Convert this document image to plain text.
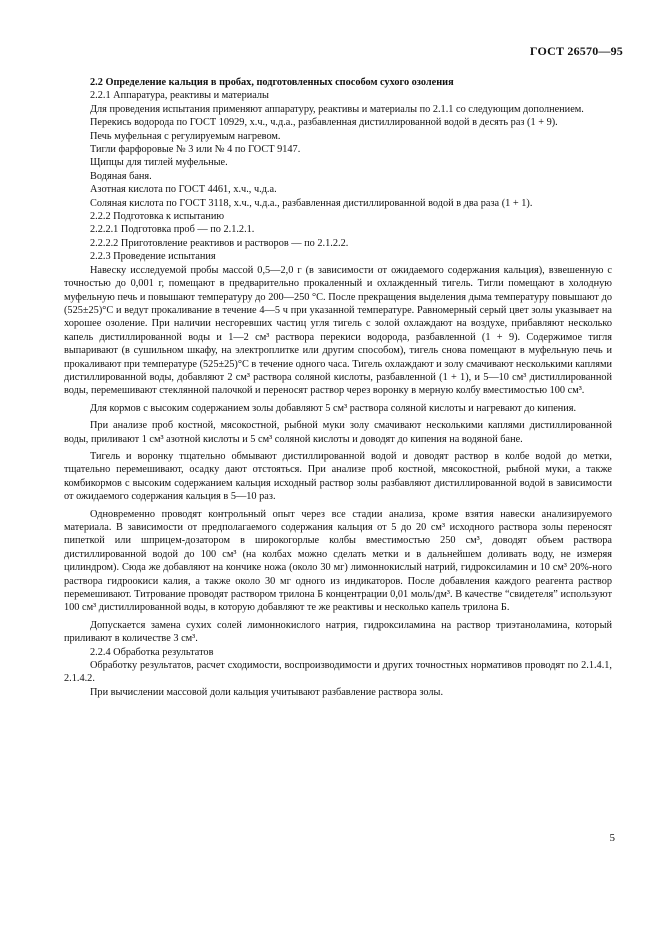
ГОСТ 26570—95

2.2 Определение кальция в пробах, подготовленных способом сухого озоления

2.2.1 Аппаратура, реактивы и материалы

Для проведения испытания применяют аппаратуру, реактивы и материалы по 2.1.1 со следующим дополнением.

Перекись водорода по ГОСТ 10929, х.ч., ч.д.а., разбавленная дистиллированной водой в десять раз (1 + 9).

Печь муфельная с регулируемым нагревом.

Тигли фарфоровые № 3 или № 4 по ГОСТ 9147.

Щипцы для тиглей муфельные.

Водяная баня.

Азотная кислота по ГОСТ 4461, х.ч., ч.д.а.

Соляная кислота по ГОСТ 3118, х.ч., ч.д.а., разбавленная дистиллированной водой в два раза (1 + 1).

2.2.2 Подготовка к испытанию

2.2.2.1 Подготовка проб — по 2.1.2.1.

2.2.2.2 Приготовление реактивов и растворов — по 2.1.2.2.

2.2.3 Проведение испытания

Навеску исследуемой пробы массой 0,5—2,0 г (в зависимости от ожидаемого содержания кальция), взвешенную с точностью до 0,001 г, помещают в предварительно прокаленный и охлажденный тигель. Тигли помещают в холодную муфельную печь и повышают температуру до 200—250 °С. После прекращения выделения дыма температуру повышают до (525±25)°С и ведут прокаливание в течение 4—5 ч при указанной температуре. Равномерный серый цвет золы указывает на хорошее озоление. При наличии несгоревших частиц угля тигель с золой охлаждают на воздухе, прибавляют несколько капель дистиллированной воды и 1—2 см³ раствора перекиси водорода, разбавленной (1 + 9). Содержимое тигля выпаривают (в сушильном шкафу, на электроплитке или другим способом), тигель снова помещают в муфельную печь и прокаливают при температуре (525±25)°С в течение одного часа. Тигель охлаждают и золу смачивают несколькими каплями дистиллированной воды, добавляют 2 см³ раствора соляной кислоты, разбавленной (1 + 1), и 5—10 см³ дистиллированной воды, перемешивают стеклянной палочкой и переносят раствор через воронку в мерную колбу вместимостью 100 см³.

Для кормов с высоким содержанием золы добавляют 5 см³ раствора соляной кислоты и нагревают до кипения.

При анализе проб костной, мясокостной, рыбной муки золу смачивают несколькими каплями дистиллированной воды, приливают 1 см³ азотной кислоты и 5 см³ соляной кислоты и доводят до кипения на водяной бане.

Тигель и воронку тщательно обмывают дистиллированной водой и доводят раствор в колбе водой до метки, тщательно перемешивают, осадку дают отстояться. При анализе проб костной, мясокостной, рыбной муки, а также комбикормов с высоким содержанием кальция исходный раствор золы разбавляют дистиллированной водой в зависимости от ожидаемого содержания кальция в 5—10 раз.

Одновременно проводят контрольный опыт через все стадии анализа, кроме взятия навески анализируемого материала. В зависимости от предполагаемого содержания кальция от 5 до 20 см³ исходного раствора золы переносят пипеткой или шприцем-дозатором в широкогорлые колбы вместимостью 250 см³, доводят объем раствора дистиллированной водой до 100 см³ (на колбах можно сделать метки и в дальнейшем доливать воду, не измеряя цилиндром). Сюда же добавляют на кончике ножа (около 30 мг) лимоннокислый натрий, гидроксиламин и 10 см³ 20%-ного раствора гидроокиси калия, а также около 30 мг одного из индикаторов. После добавления каждого реагента раствор перемешивают. Титрование проводят раствором трилона Б концентрации 0,01 моль/дм³. В качестве “свидетеля” используют 100 см³ дистиллированной воды, в которую добавляют те же реактивы и несколько капель трилона Б.

Допускается замена сухих солей лимоннокислого натрия, гидроксиламина на раствор триэтаноламина, который приливают в количестве 3 см³.

2.2.4 Обработка результатов

Обработку результатов, расчет сходимости, воспроизводимости и других точностных нормативов проводят по 2.1.4.1, 2.1.4.2.

При вычислении массовой доли кальция учитывают разбавление раствора золы.

5
